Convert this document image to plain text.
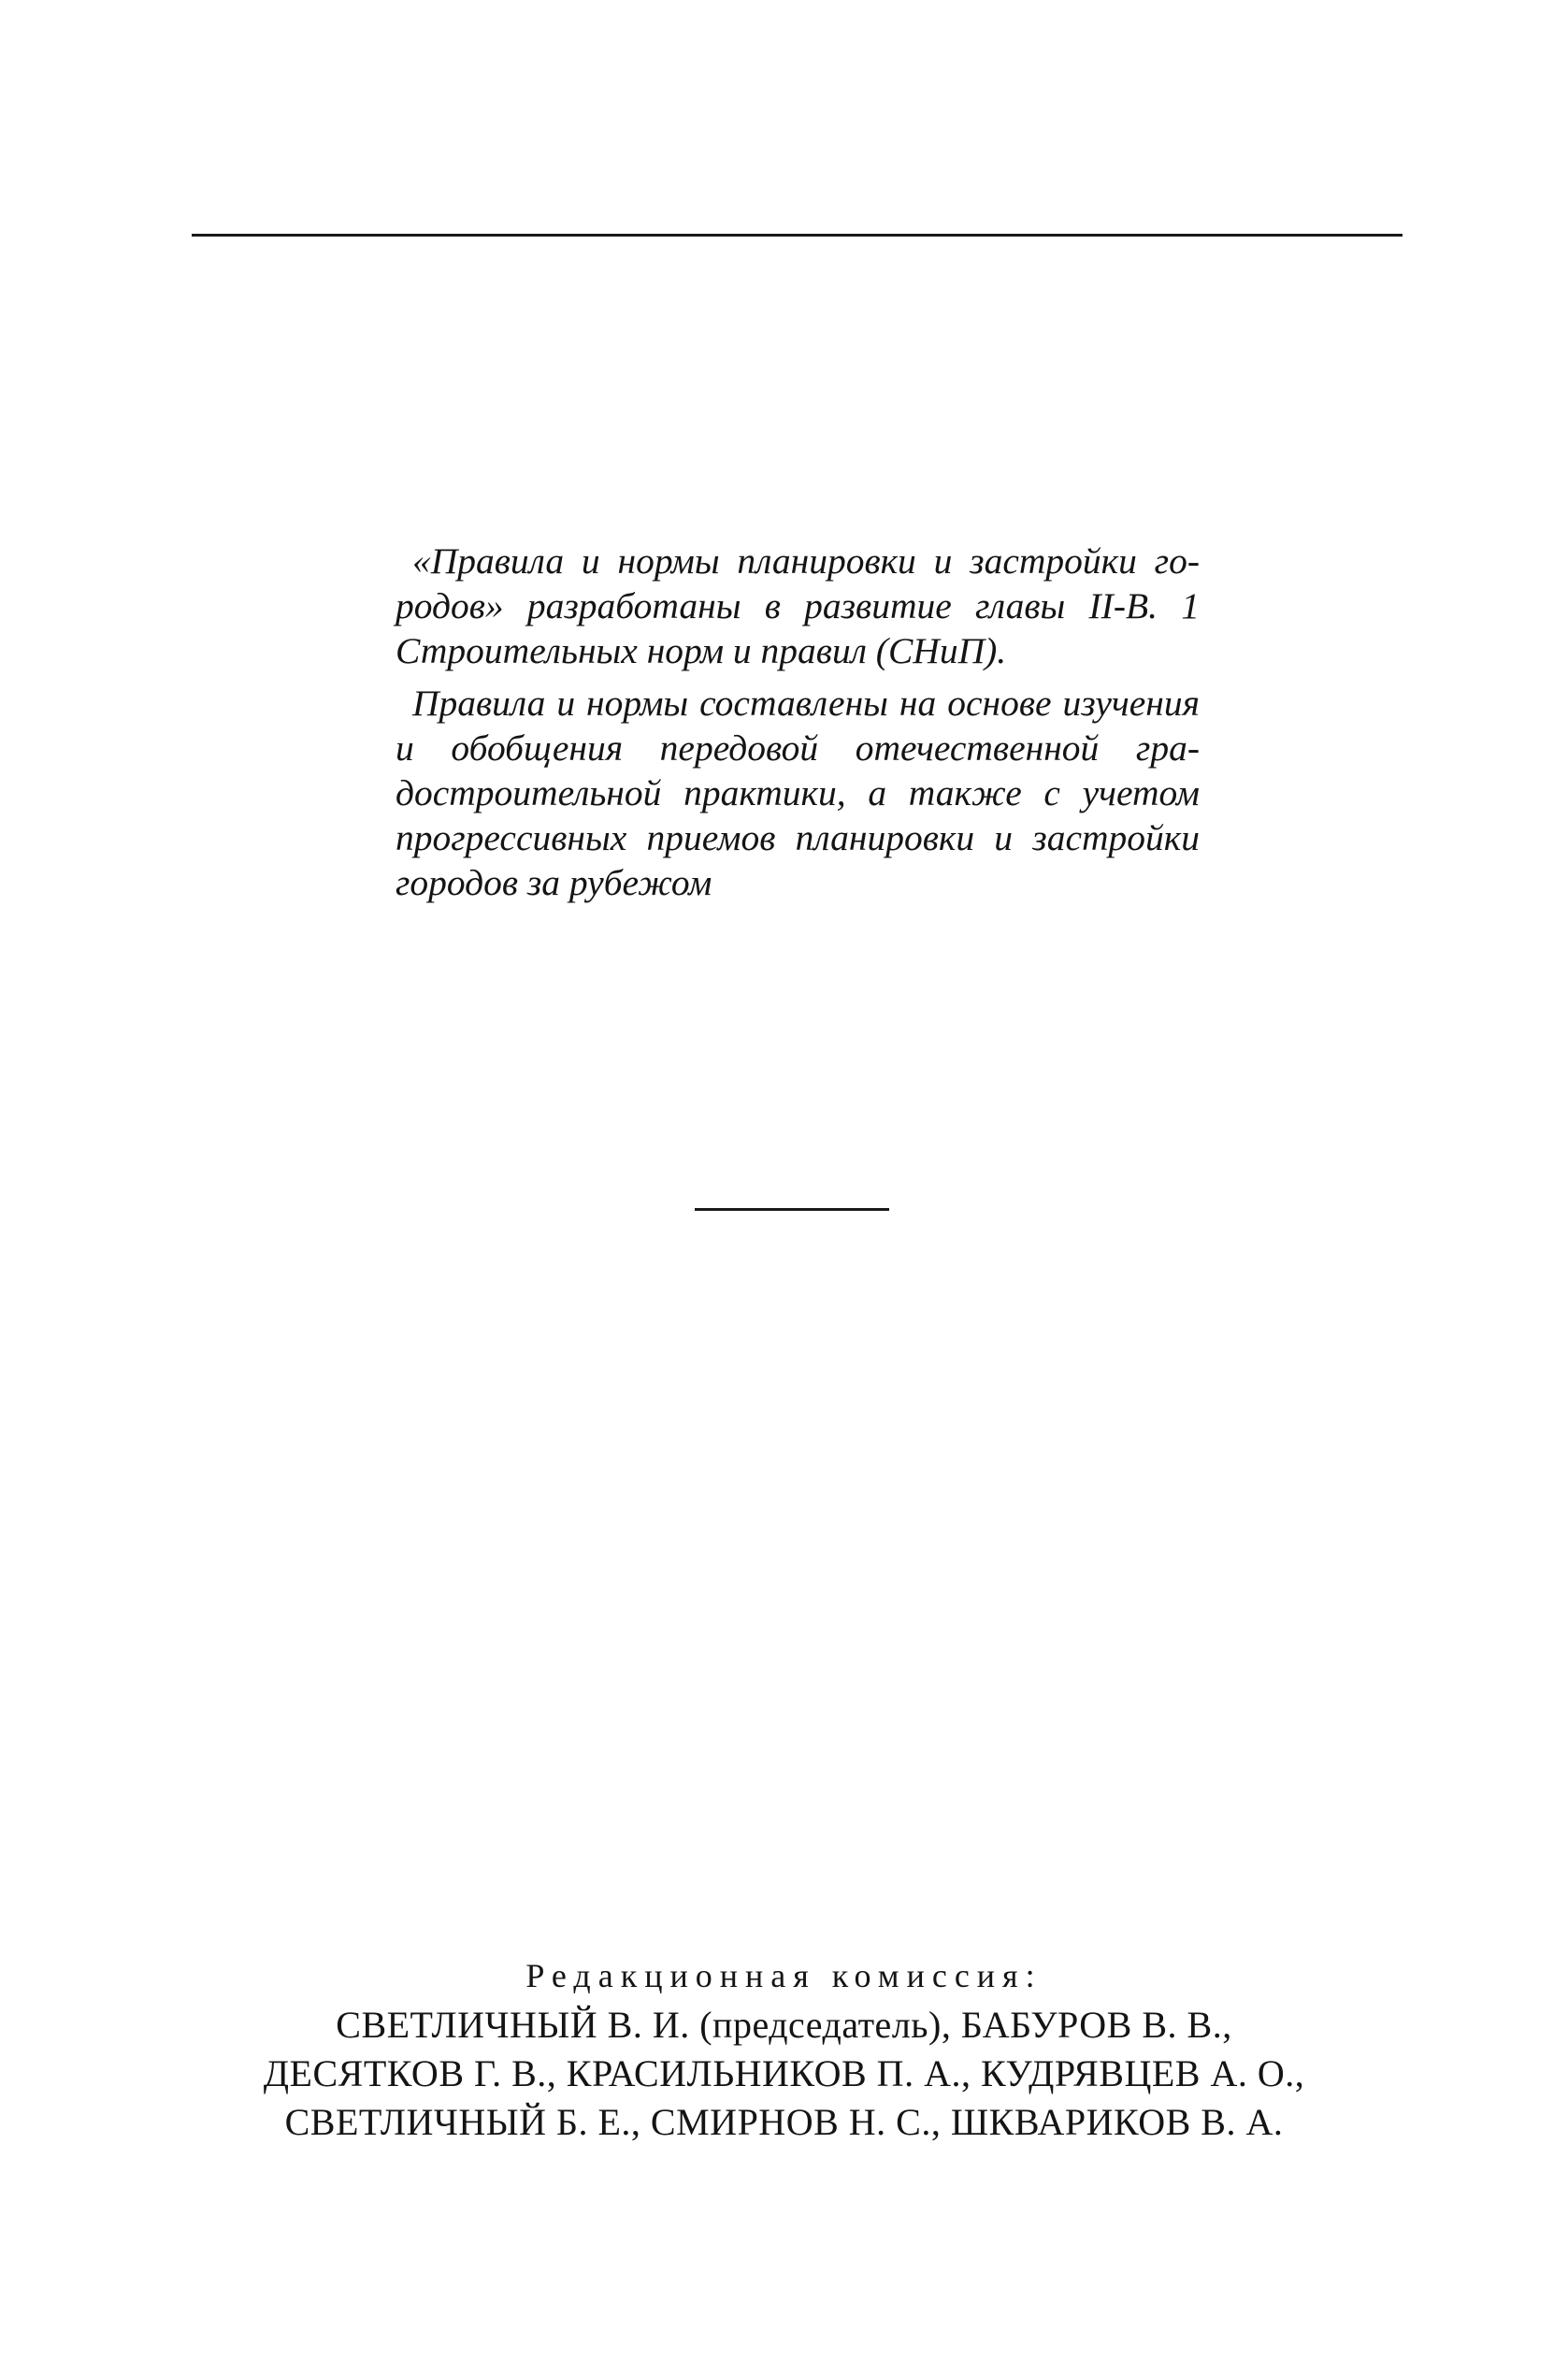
«Правила и нормы планировки и застройки городов» разработаны в развитие главы II-В. 1 Строительных норм и правил (СНиП).

Правила и нормы составлены на основе изучения и обобщения передовой отечественной градостроительной практики, а также с учетом прогрессивных приемов планировки и застройки городов за рубежом

Редакционная комиссия:

СВЕТЛИЧНЫЙ В. И. (председатель), БАБУРОВ В. В.,

ДЕСЯТКОВ Г. В., КРАСИЛЬНИКОВ П. А., КУДРЯВЦЕВ А. О.,

СВЕТЛИЧНЫЙ Б. Е., СМИРНОВ Н. С., ШКВАРИКОВ В. А.
